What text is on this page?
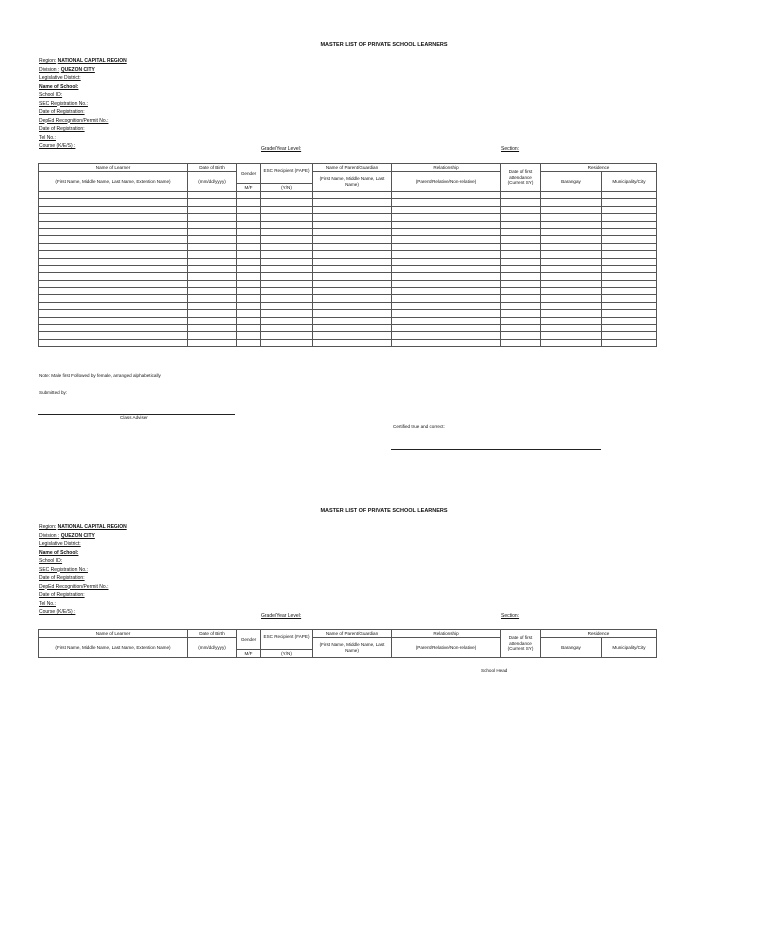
MASTER LIST OF PRIVATE SCHOOL LEARNERS
Region: NATIONAL CAPITAL REGION
Division : QUEZON CITY
Legislative District:
Name of School:
School ID:
SEC Registration No.:
Date of Registration:
DepEd Recognition/Permit No.:
Date of Registration:
Tel No.:
Course (K/E/S) :	Grade/Year Level:	Section:
Name of Learner	Date of Birth	Gender	ESC Recipient (FAPE)	Name of Parent/Guardian	Relationship	Date of first attendance (Current SY)	Residence	
(First Name, Middle Name, Last Name, Extention Name)	(mm/dd/yyyy)			(First Name, Middle Name, Last Name)	(Parent/Relative/Non-relative)		Barangay	Municipality/City
		M/F	(Y/N)					

Note: Male first Followed by female, arranged alphabetically
Submitted by:
Class Adviser
Certified true and correct:
MASTER LIST OF PRIVATE SCHOOL LEARNERS
Region: NATIONAL CAPITAL REGION
Division : QUEZON CITY
Legislative District:
Name of School:
School ID:
SEC Registration No.:
Date of Registration:
DepEd Recognition/Permit No.:
Date of Registration:
Tel No.:
Course (K/E/S) :
Grade/Year Level:	Section:
Name of Learner	Date of Birth	Gender	ESC Recipient (FAPE)	Name of Parent/Guardian	Relationship	Date of first attendance (Current SY)	Residence	
(First Name, Middle Name, Last Name, Extention Name)	(mm/dd/yyyy)			(First Name, Middle Name, Last Name)	(Parent/Relative/Non-relative)		Barangay	Municipality/City
		M/F	(Y/N)					
School Head
